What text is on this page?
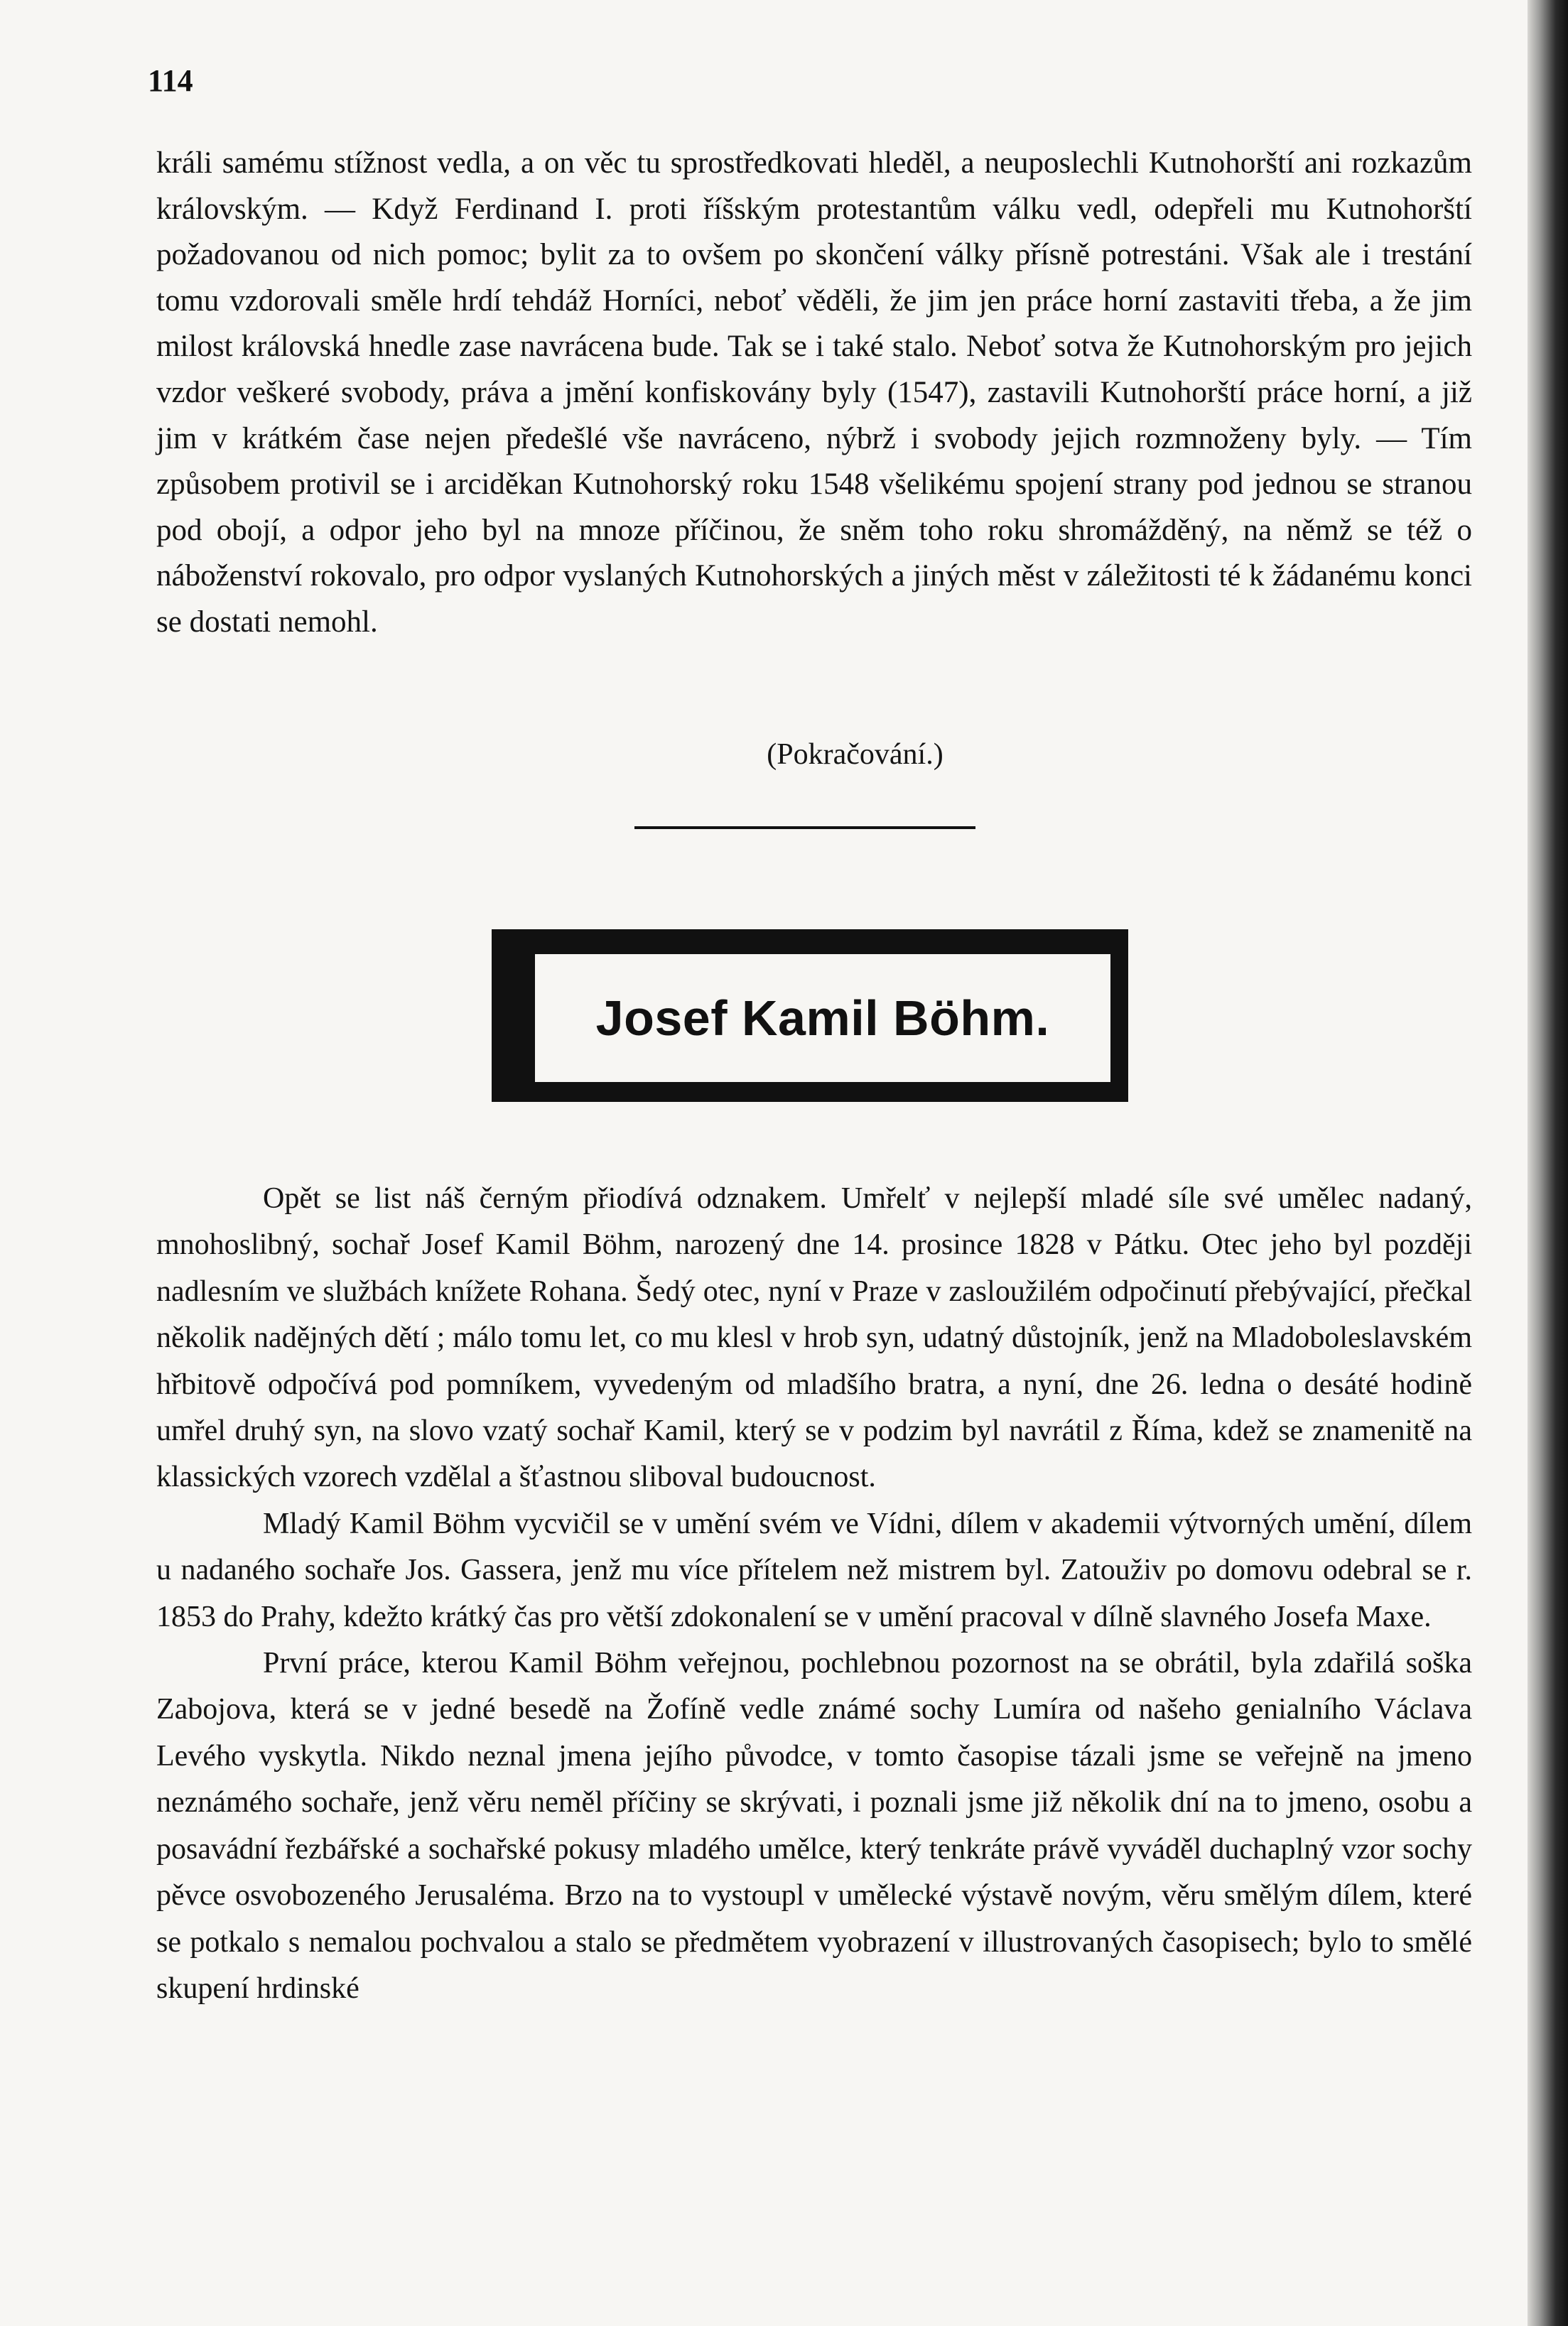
114

králi samému stížnost vedla, a on věc tu sprostředkovati hleděl, a neuposlechli Kutnohorští ani rozkazům královským. — Když Ferdinand I. proti říšským protestantům válku vedl, odepřeli mu Kutnohorští požadovanou od nich pomoc; bylit za to ovšem po skončení války přísně potrestáni. Však ale i trestání tomu vzdorovali směle hrdí tehdáž Horníci, neboť věděli, že jim jen práce horní zastaviti třeba, a že jim milost královská hnedle zase navrácena bude. Tak se i také stalo. Neboť sotva že Kutnohorským pro jejich vzdor veškeré svobody, práva a jmění konfiskovány byly (1547), zastavili Kutnohorští práce horní, a již jim v krátkém čase nejen předešlé vše navráceno, nýbrž i svobody jejich rozmnoženy byly. — Tím způsobem protivil se i arciděkan Kutnohorský roku 1548 všelikému spojení strany pod jednou se stranou pod obojí, a odpor jeho byl na mnoze příčinou, že sněm toho roku shromážděný, na němž se též o náboženství rokovalo, pro odpor vyslaných Kutnohorských a jiných měst v záležitosti té k žádanému konci se dostati nemohl.

(Pokračování.)
Josef Kamil Böhm.

Opět se list náš černým přiodívá odznakem. Umřelť v nejlepší mladé síle své umělec nadaný, mnohoslibný, sochař Josef Kamil Böhm, narozený dne 14. prosince 1828 v Pátku. Otec jeho byl později nadlesním ve službách knížete Rohana. Šedý otec, nyní v Praze v zasloužilém odpočinutí přebývající, přečkal několik nadějných dětí ; málo tomu let, co mu klesl v hrob syn, udatný důstojník, jenž na Mladoboleslavském hřbitově odpočívá pod pomníkem, vyvedeným od mladšího bratra, a nyní, dne 26. ledna o desáté hodině umřel druhý syn, na slovo vzatý sochař Kamil, který se v podzim byl navrátil z Říma, kdež se znamenitě na klassických vzorech vzdělal a šťastnou sliboval budoucnost.

Mladý Kamil Böhm vycvičil se v umění svém ve Vídni, dílem v akademii výtvorných umění, dílem u nadaného sochaře Jos. Gassera, jenž mu více přítelem než mistrem byl. Zatouživ po domovu odebral se r. 1853 do Prahy, kdežto krátký čas pro větší zdokonalení se v umění pracoval v dílně slavného Josefa Maxe.

První práce, kterou Kamil Böhm veřejnou, pochlebnou pozornost na se obrátil, byla zdařilá soška Zabojova, která se v jedné besedě na Žofíně vedle známé sochy Lumíra od našeho genialního Václava Levého vyskytla. Nikdo neznal jmena jejího původce, v tomto časopise tázali jsme se veřejně na jmeno neznámého sochaře, jenž věru neměl příčiny se skrývati, i poznali jsme již několik dní na to jmeno, osobu a posavádní řezbářské a sochařské pokusy mladého umělce, který tenkráte právě vyváděl duchaplný vzor sochy pěvce osvobozeného Jerusaléma. Brzo na to vystoupl v umělecké výstavě novým, věru smělým dílem, které se potkalo s nemalou pochvalou a stalo se předmětem vyobrazení v illustrovaných časopisech; bylo to smělé skupení hrdinské
